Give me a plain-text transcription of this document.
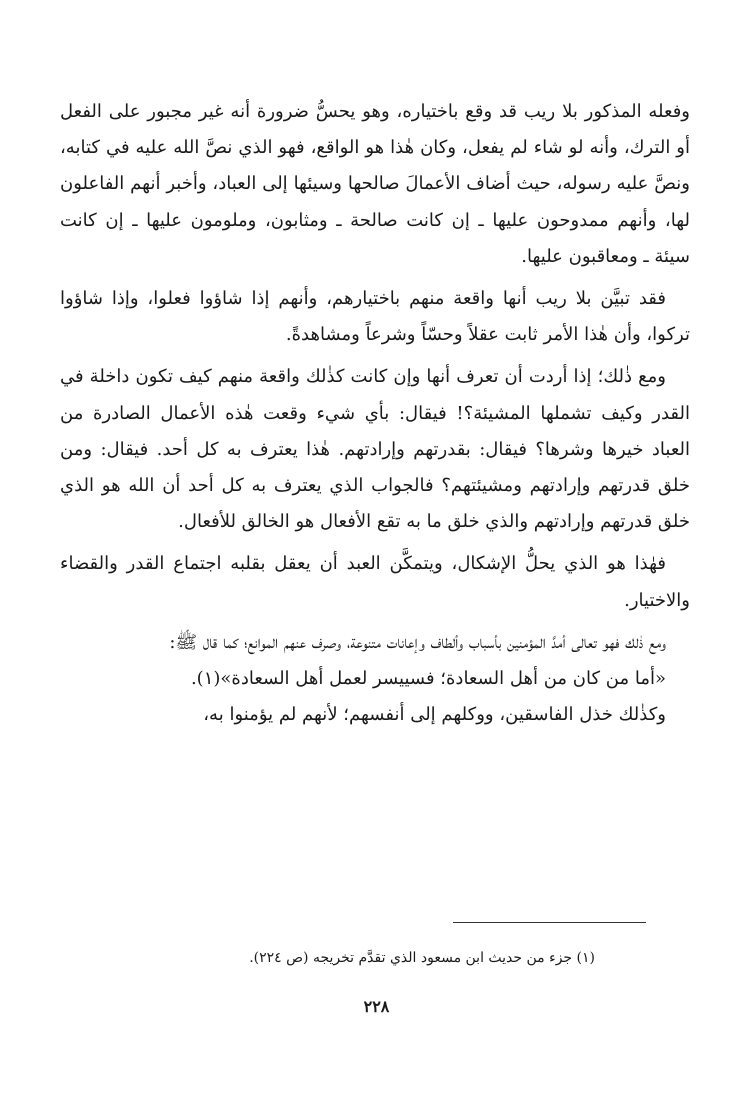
وفعله المذكور بلا ريب قد وقع باختياره، وهو يحسُّ ضرورة أنه غير مجبور على الفعل أو الترك، وأنه لو شاء لم يفعل، وكان هٰذا هو الواقع، فهو الذي نصَّ الله عليه في كتابه، ونصَّ عليه رسوله، حيث أضاف الأعمالَ صالحها وسيئها إلى العباد، وأخبر أنهم الفاعلون لها، وأنهم ممدوحون عليها ـ إن كانت صالحة ـ ومثابون، وملومون عليها ـ إن كانت سيئة ـ ومعاقبون عليها.

فقد تبيَّن بلا ريب أنها واقعة منهم باختيارهم، وأنهم إذا شاؤوا فعلوا، وإذا شاؤوا تركوا، وأن هٰذا الأمر ثابت عقلاً وحسّاً وشرعاً ومشاهدةً.

ومع ذٰلك؛ إذا أردت أن تعرف أنها وإن كانت كذٰلك واقعة منهم كيف تكون داخلة في القدر وكيف تشملها المشيئة؟! فيقال: بأي شيء وقعت هٰذه الأعمال الصادرة من العباد خيرها وشرها؟ فيقال: بقدرتهم وإرادتهم. هٰذا يعترف به كل أحد. فيقال: ومن خلق قدرتهم وإرادتهم ومشيئتهم؟ فالجواب الذي يعترف به كل أحد أن الله هو الذي خلق قدرتهم وإرادتهم والذي خلق ما به تقع الأفعال هو الخالق للأفعال.

فهٰذا هو الذي يحلُّ الإشكال، ويتمكَّن العبد أن يعقل بقلبه اجتماع القدر والقضاء والاختيار.

ومع ذٰلك فهو تعالى أمدَّ المؤمنين بأسباب وألطاف وإعانات متنوعة، وصرف عنهم الموانع؛ كما قال ﷺ:

«أما من كان من أهل السعادة؛ فسييسر لعمل أهل السعادة»(١).

وكذٰلك خذل الفاسقين، ووكلهم إلى أنفسهم؛ لأنهم لم يؤمنوا به،

(١) جزء من حديث ابن مسعود الذي تقدَّم تخريجه (ص ٢٢٤).
٢٢٨
